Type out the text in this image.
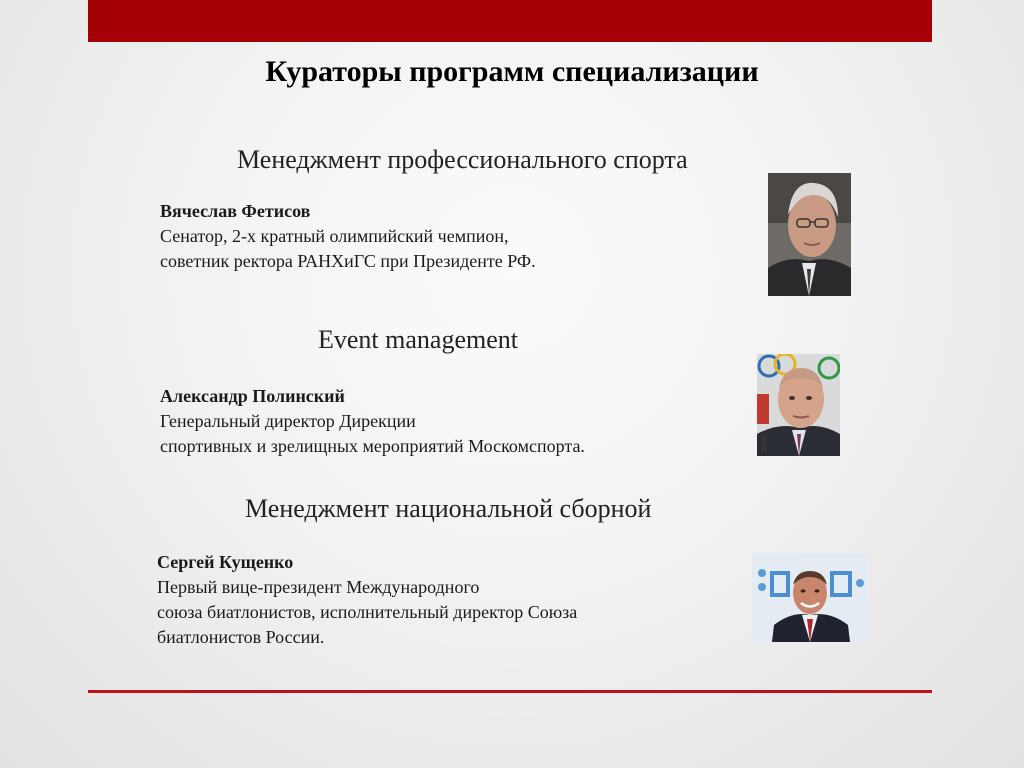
Кураторы программ специализации
Менеджмент профессионального спорта
Вячеслав Фетисов
Сенатор, 2-х кратный олимпийский чемпион,
советник ректора РАНХиГС при Президенте РФ.
Event management
Александр Полинский
Генеральный директор Дирекции
спортивных и зрелищных мероприятий Москомспорта.
Менеджмент национальной сборной
Сергей Кущенко
Первый вице-президент Международного
союза биатлонистов, исполнительный директор Союза
биатлонистов России.
